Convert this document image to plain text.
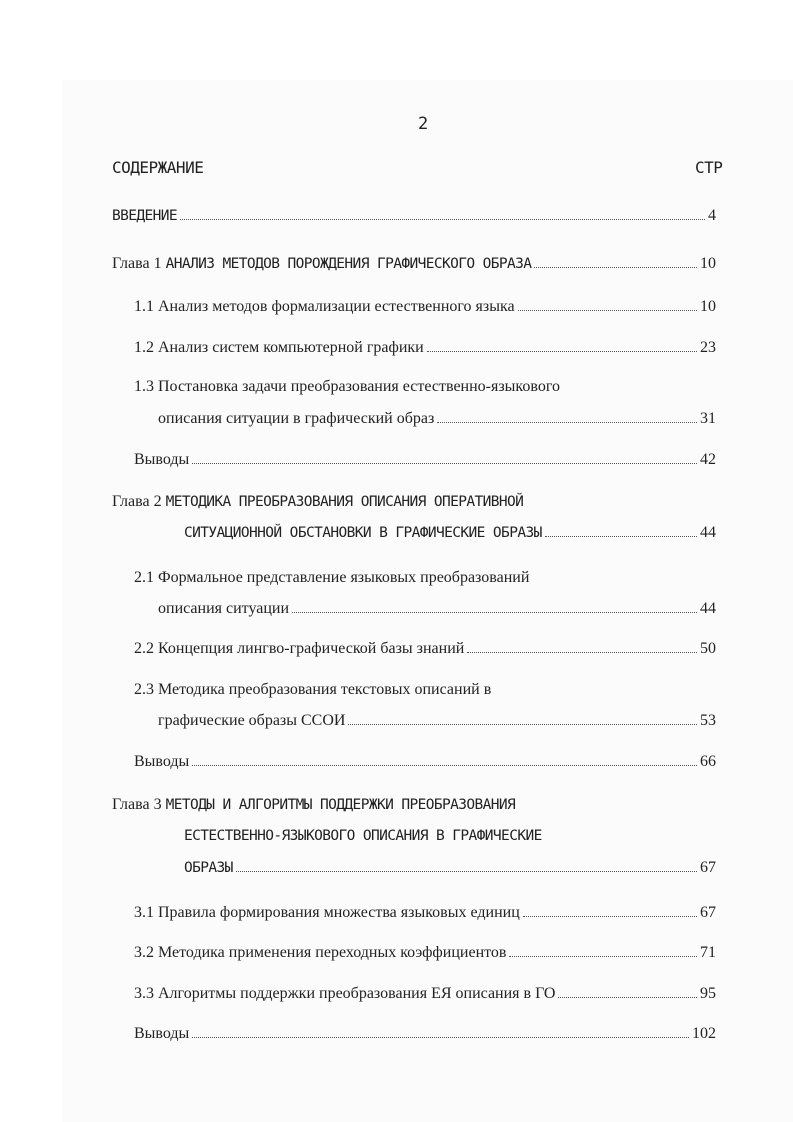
2
СОДЕРЖАНИЕ	СТР
ВВЕДЕНИЕ	4
Глава 1 АНАЛИЗ МЕТОДОВ ПОРОЖДЕНИЯ ГРАФИЧЕСКОГО ОБРАЗА	10
1.1 Анализ методов формализации естественного языка	10
1.2 Анализ систем компьютерной графики	23
1.3 Постановка задачи преобразования естественно-языкового
описания ситуации в графический образ	31
Выводы	42
Глава 2 МЕТОДИКА ПРЕОБРАЗОВАНИЯ ОПИСАНИЯ ОПЕРАТИВНОЙ
СИТУАЦИОННОЙ ОБСТАНОВКИ В ГРАФИЧЕСКИЕ ОБРАЗЫ	44
2.1 Формальное представление языковых преобразований
описания ситуации	44
2.2 Концепция лингво-графической базы знаний	50
2.3 Методика преобразования текстовых описаний в
графические образы ССОИ	53
Выводы	66
Глава 3 МЕТОДЫ И АЛГОРИТМЫ ПОДДЕРЖКИ ПРЕОБРАЗОВАНИЯ
ЕСТЕСТВЕННО-ЯЗЫКОВОГО ОПИСАНИЯ В ГРАФИЧЕСКИЕ
ОБРАЗЫ	67
3.1 Правила формирования множества языковых единиц	67
3.2 Методика применения переходных коэффициентов	71
3.3 Алгоритмы поддержки преобразования ЕЯ описания в ГО	95
Выводы	102
